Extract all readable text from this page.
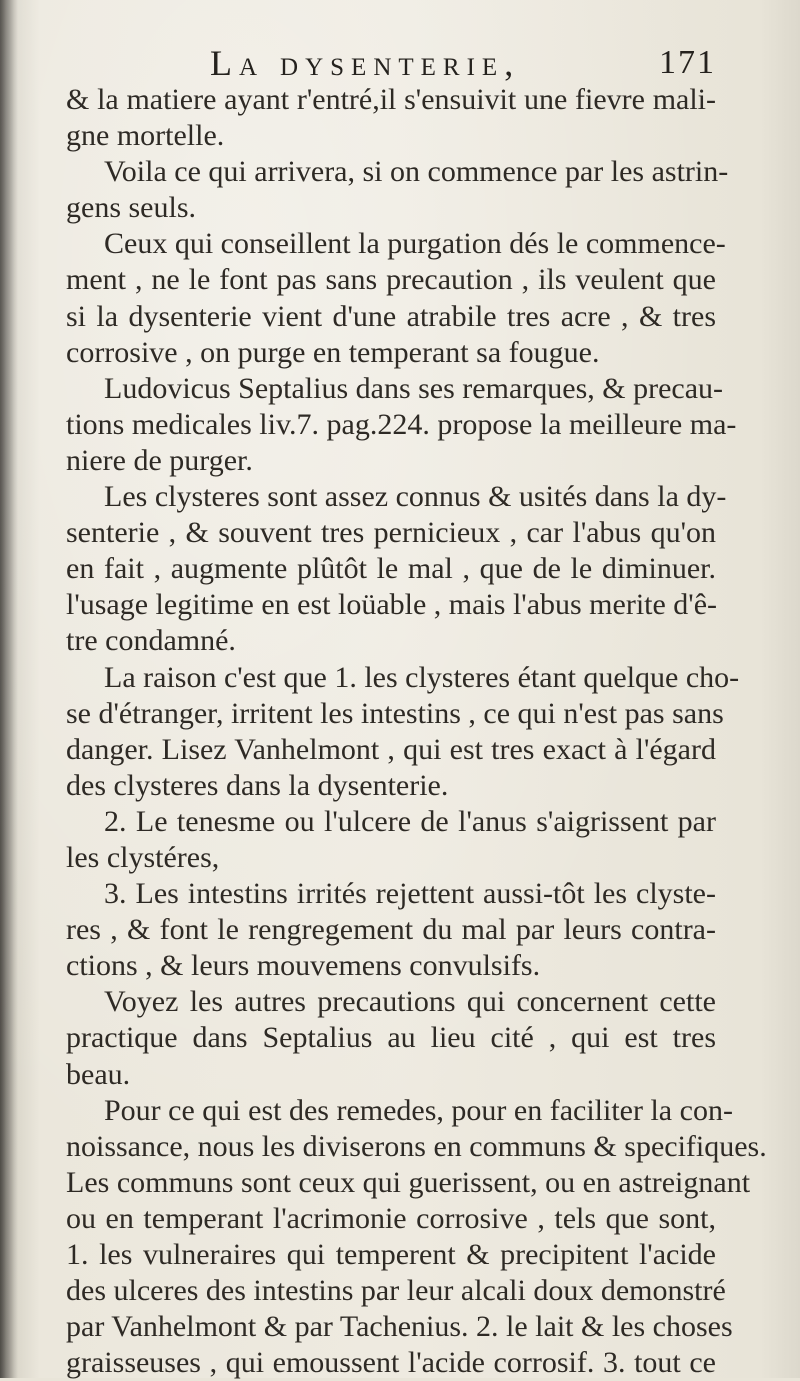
La dysenterie,	171
& la matiere ayant r'entré,il s'ensuivit une fievre mali-
gne mortelle.
Voila ce qui arrivera, si on commence par les astrin-
gens seuls.
Ceux qui conseillent la purgation dés le commence-
ment , ne le font pas sans precaution , ils veulent que
si la dysenterie vient d'une atrabile tres acre , & tres
corrosive , on purge en temperant sa fougue.
Ludovicus Septalius dans ses remarques, & precau-
tions medicales liv.7. pag.224. propose la meilleure ma-
niere de purger.
Les clysteres sont assez connus & usités dans la dy-
senterie , & souvent tres pernicieux , car l'abus qu'on
en fait , augmente plûtôt le mal , que de le diminuer.
l'usage legitime en est loüable , mais l'abus merite d'ê-
tre condamné.
La raison c'est que 1. les clysteres étant quelque cho-
se d'étranger, irritent les intestins , ce qui n'est pas sans
danger. Lisez Vanhelmont , qui est tres exact à l'égard
des clysteres dans la dysenterie.
2. Le tenesme ou l'ulcere de l'anus s'aigrissent par
les clystéres,
3. Les intestins irrités rejettent aussi-tôt les clyste-
res , & font le rengregement du mal par leurs contra-
ctions , & leurs mouvemens convulsifs.
Voyez les autres precautions qui concernent cette
practique dans Septalius au lieu cité , qui est tres
beau.
Pour ce qui est des remedes, pour en faciliter la con-
noissance, nous les diviserons en communs & specifiques.
Les communs sont ceux qui guerissent, ou en astreignant
ou en temperant l'acrimonie corrosive , tels que sont,
1. les vulneraires qui temperent & precipitent l'acide
des ulceres des intestins par leur alcali doux demonstré
par Vanhelmont & par Tachenius. 2. le lait & les choses
graisseuses , qui emoussent l'acide corrosif. 3. tout ce
